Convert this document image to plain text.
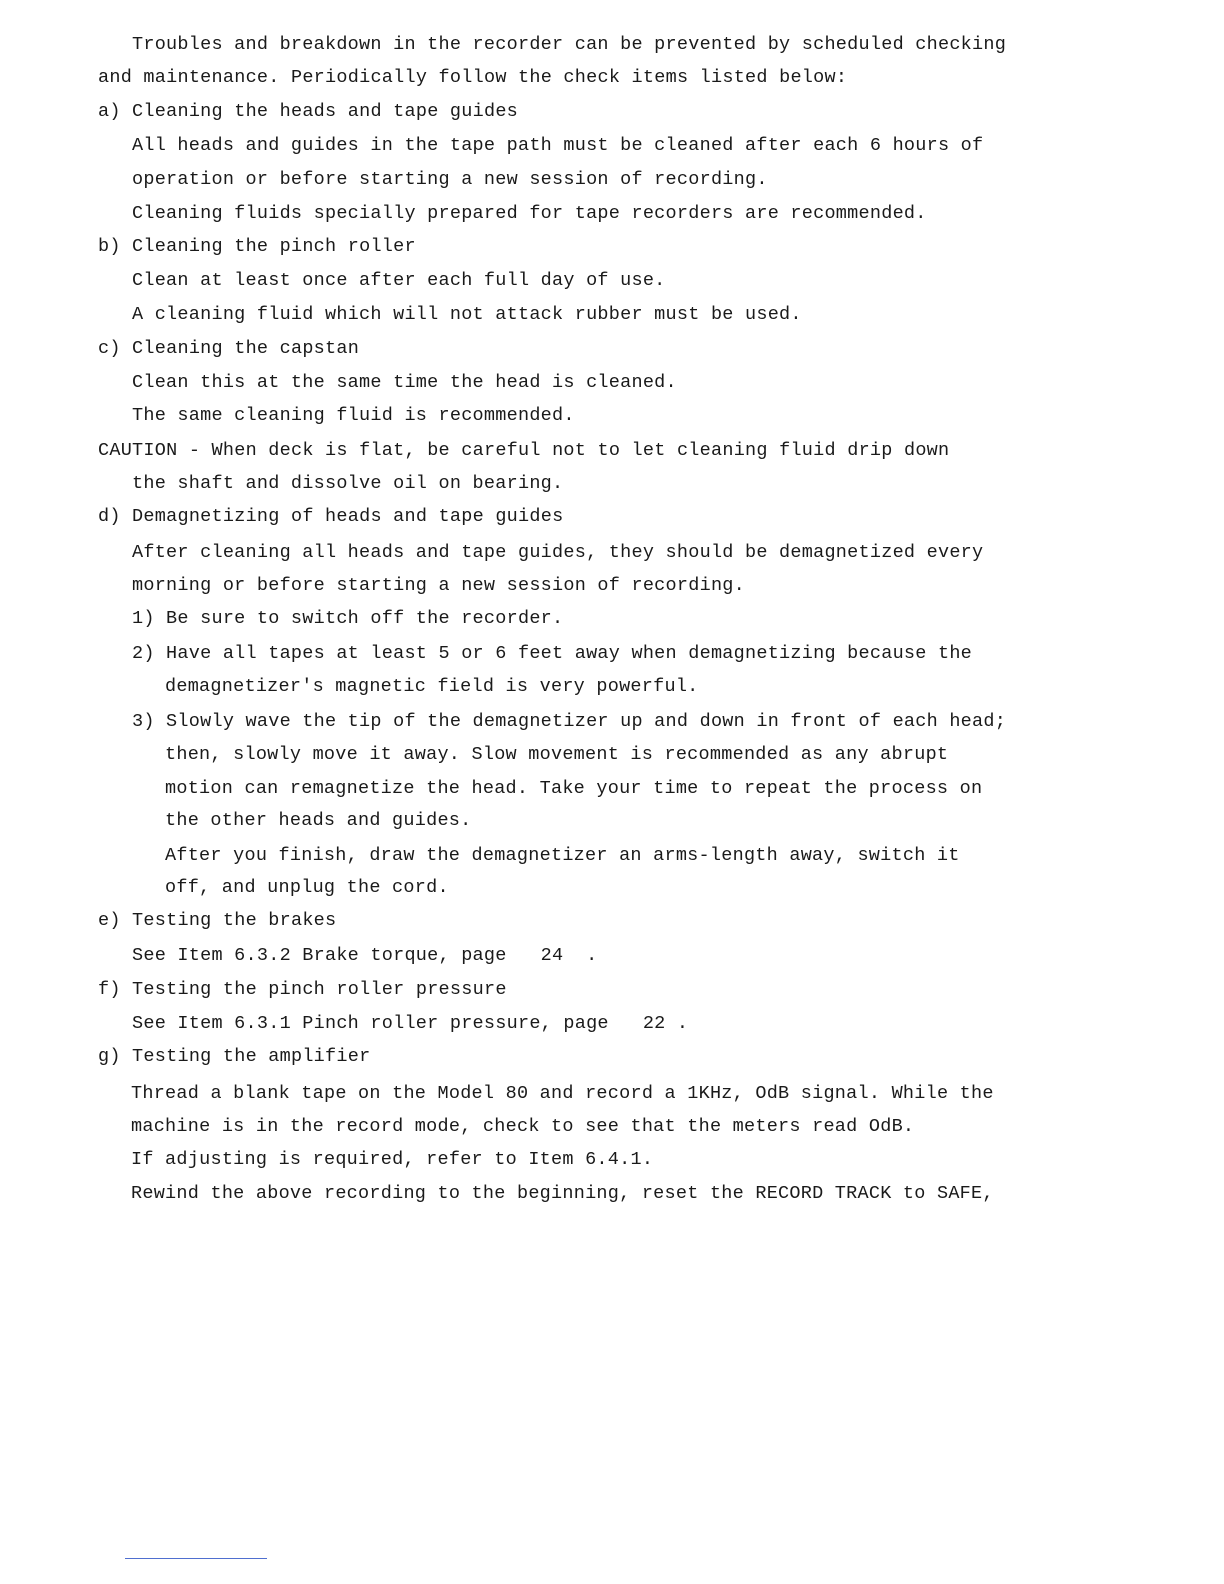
Troubles and breakdown in the recorder can be prevented by scheduled checking
and maintenance. Periodically follow the check items listed below:
a) Cleaning the heads and tape guides
All heads and guides in the tape path must be cleaned after each 6 hours of
operation or before starting a new session of recording.
Cleaning fluids specially prepared for tape recorders are recommended.
b) Cleaning the pinch roller
Clean at least once after each full day of use.
A cleaning fluid which will not attack rubber must be used.
c) Cleaning the capstan
Clean this at the same time the head is cleaned.
The same cleaning fluid is recommended.
CAUTION - When deck is flat, be careful not to let cleaning fluid drip down
the shaft and dissolve oil on bearing.
d) Demagnetizing of heads and tape guides
After cleaning all heads and tape guides, they should be demagnetized every
morning or before starting a new session of recording.
1) Be sure to switch off the recorder.
2) Have all tapes at least 5 or 6 feet away when demagnetizing because the
demagnetizer's magnetic field is very powerful.
3) Slowly wave the tip of the demagnetizer up and down in front of each head;
then, slowly move it away. Slow movement is recommended as any abrupt
motion can remagnetize the head. Take your time to repeat the process on
the other heads and guides.
After you finish, draw the demagnetizer an arms-length away, switch it
off, and unplug the cord.
e) Testing the brakes
See Item 6.3.2 Brake torque, page   24  .
f) Testing the pinch roller pressure
See Item 6.3.1 Pinch roller pressure, page   22 .
g) Testing the amplifier
Thread a blank tape on the Model 80 and record a 1KHz, OdB signal. While the
machine is in the record mode, check to see that the meters read OdB.
If adjusting is required, refer to Item 6.4.1.
Rewind the above recording to the beginning, reset the RECORD TRACK to SAFE,
